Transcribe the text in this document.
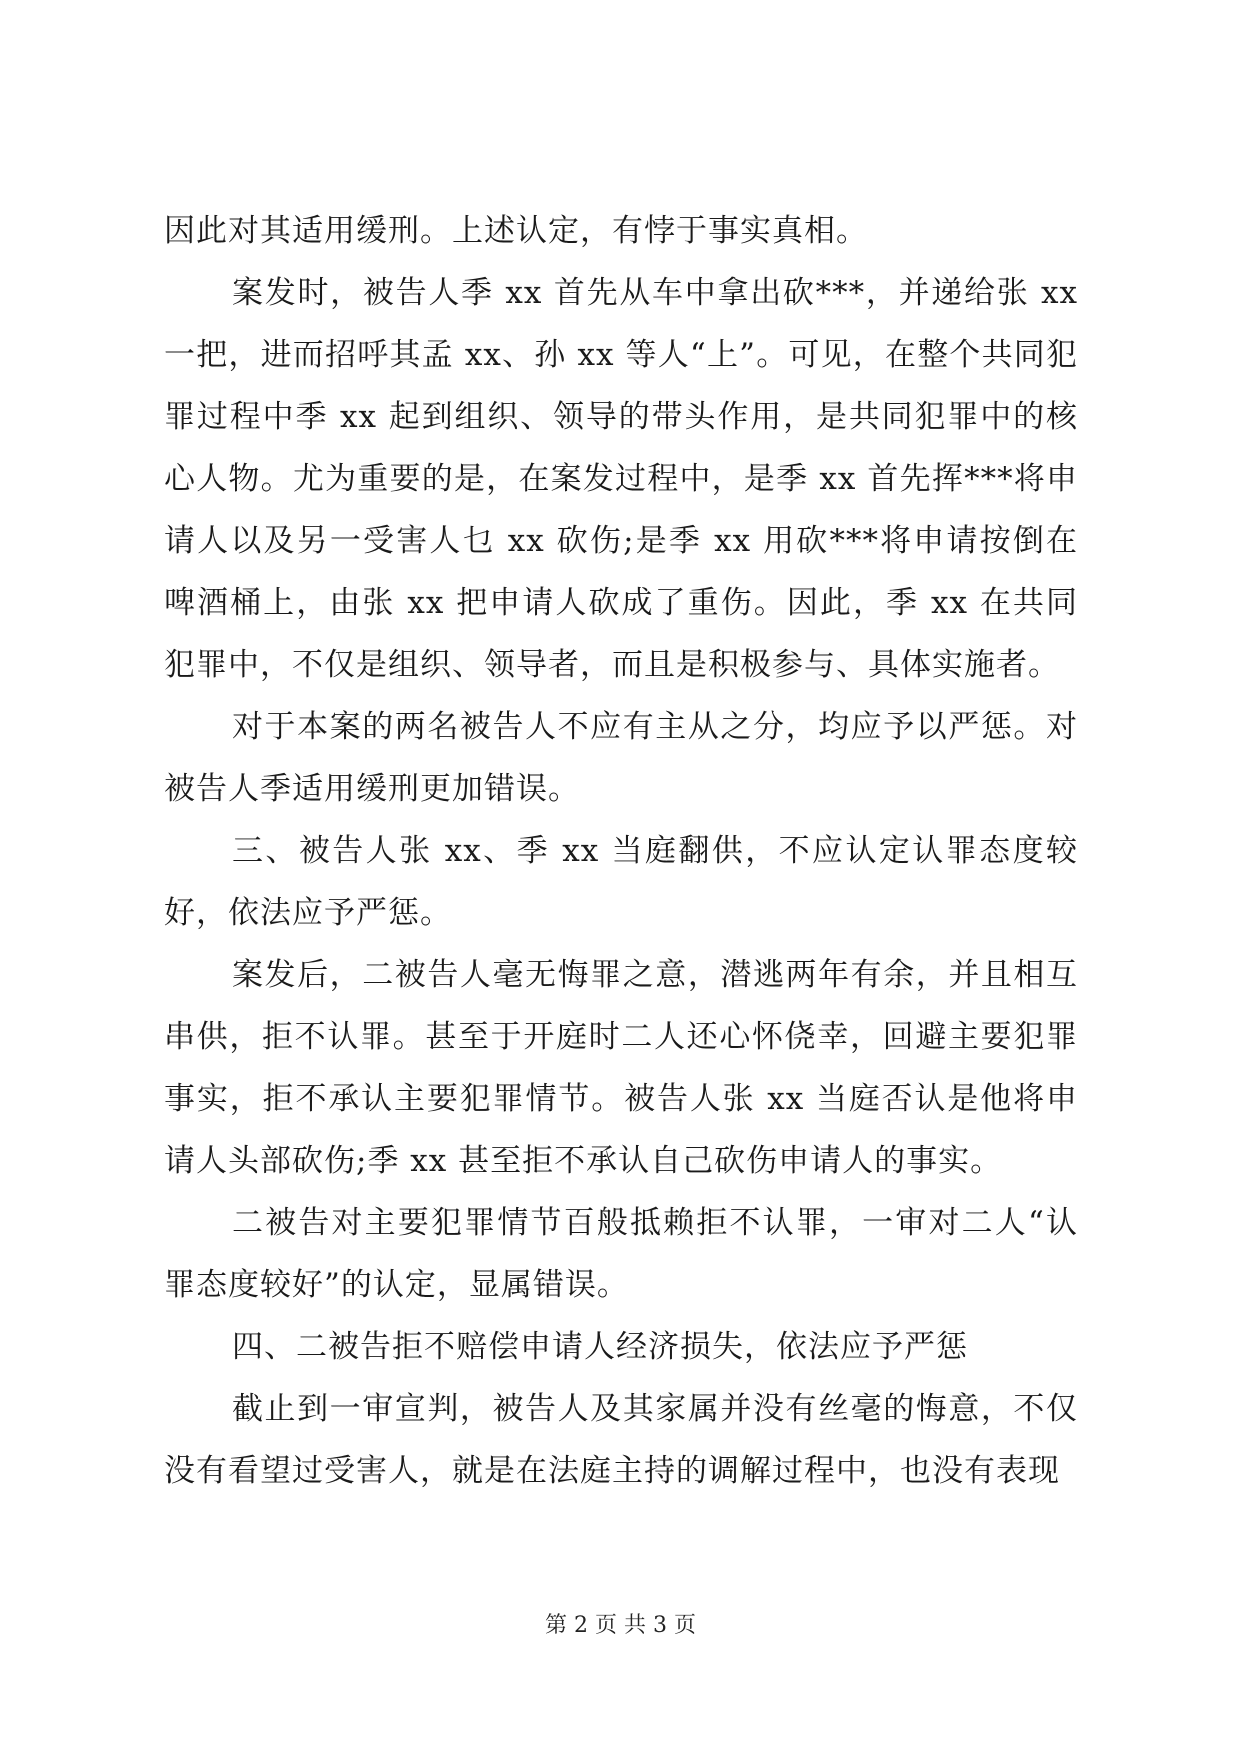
因此对其适用缓刑。上述认定，有悖于事实真相。

案发时，被告人季 xx 首先从车中拿出砍***，并递给张 xx 一把，进而招呼其孟 xx、孙 xx 等人“上”。可见，在整个共同犯罪过程中季 xx 起到组织、领导的带头作用，是共同犯罪中的核心人物。尤为重要的是，在案发过程中，是季 xx 首先挥***将申请人以及另一受害人乜 xx 砍伤;是季 xx 用砍***将申请按倒在啤酒桶上，由张 xx 把申请人砍成了重伤。因此，季 xx 在共同犯罪中，不仅是组织、领导者，而且是积极参与、具体实施者。

对于本案的两名被告人不应有主从之分，均应予以严惩。对被告人季适用缓刑更加错误。

三、被告人张 xx、季 xx 当庭翻供，不应认定认罪态度较好，依法应予严惩。

案发后，二被告人毫无悔罪之意，潜逃两年有余，并且相互串供，拒不认罪。甚至于开庭时二人还心怀侥幸，回避主要犯罪事实，拒不承认主要犯罪情节。被告人张 xx 当庭否认是他将申请人头部砍伤;季 xx 甚至拒不承认自己砍伤申请人的事实。

二被告对主要犯罪情节百般抵赖拒不认罪，一审对二人“认罪态度较好”的认定，显属错误。

四、二被告拒不赔偿申请人经济损失，依法应予严惩

截止到一审宣判，被告人及其家属并没有丝毫的悔意，不仅没有看望过受害人，就是在法庭主持的调解过程中，也没有表现

第 2 页 共 3 页
